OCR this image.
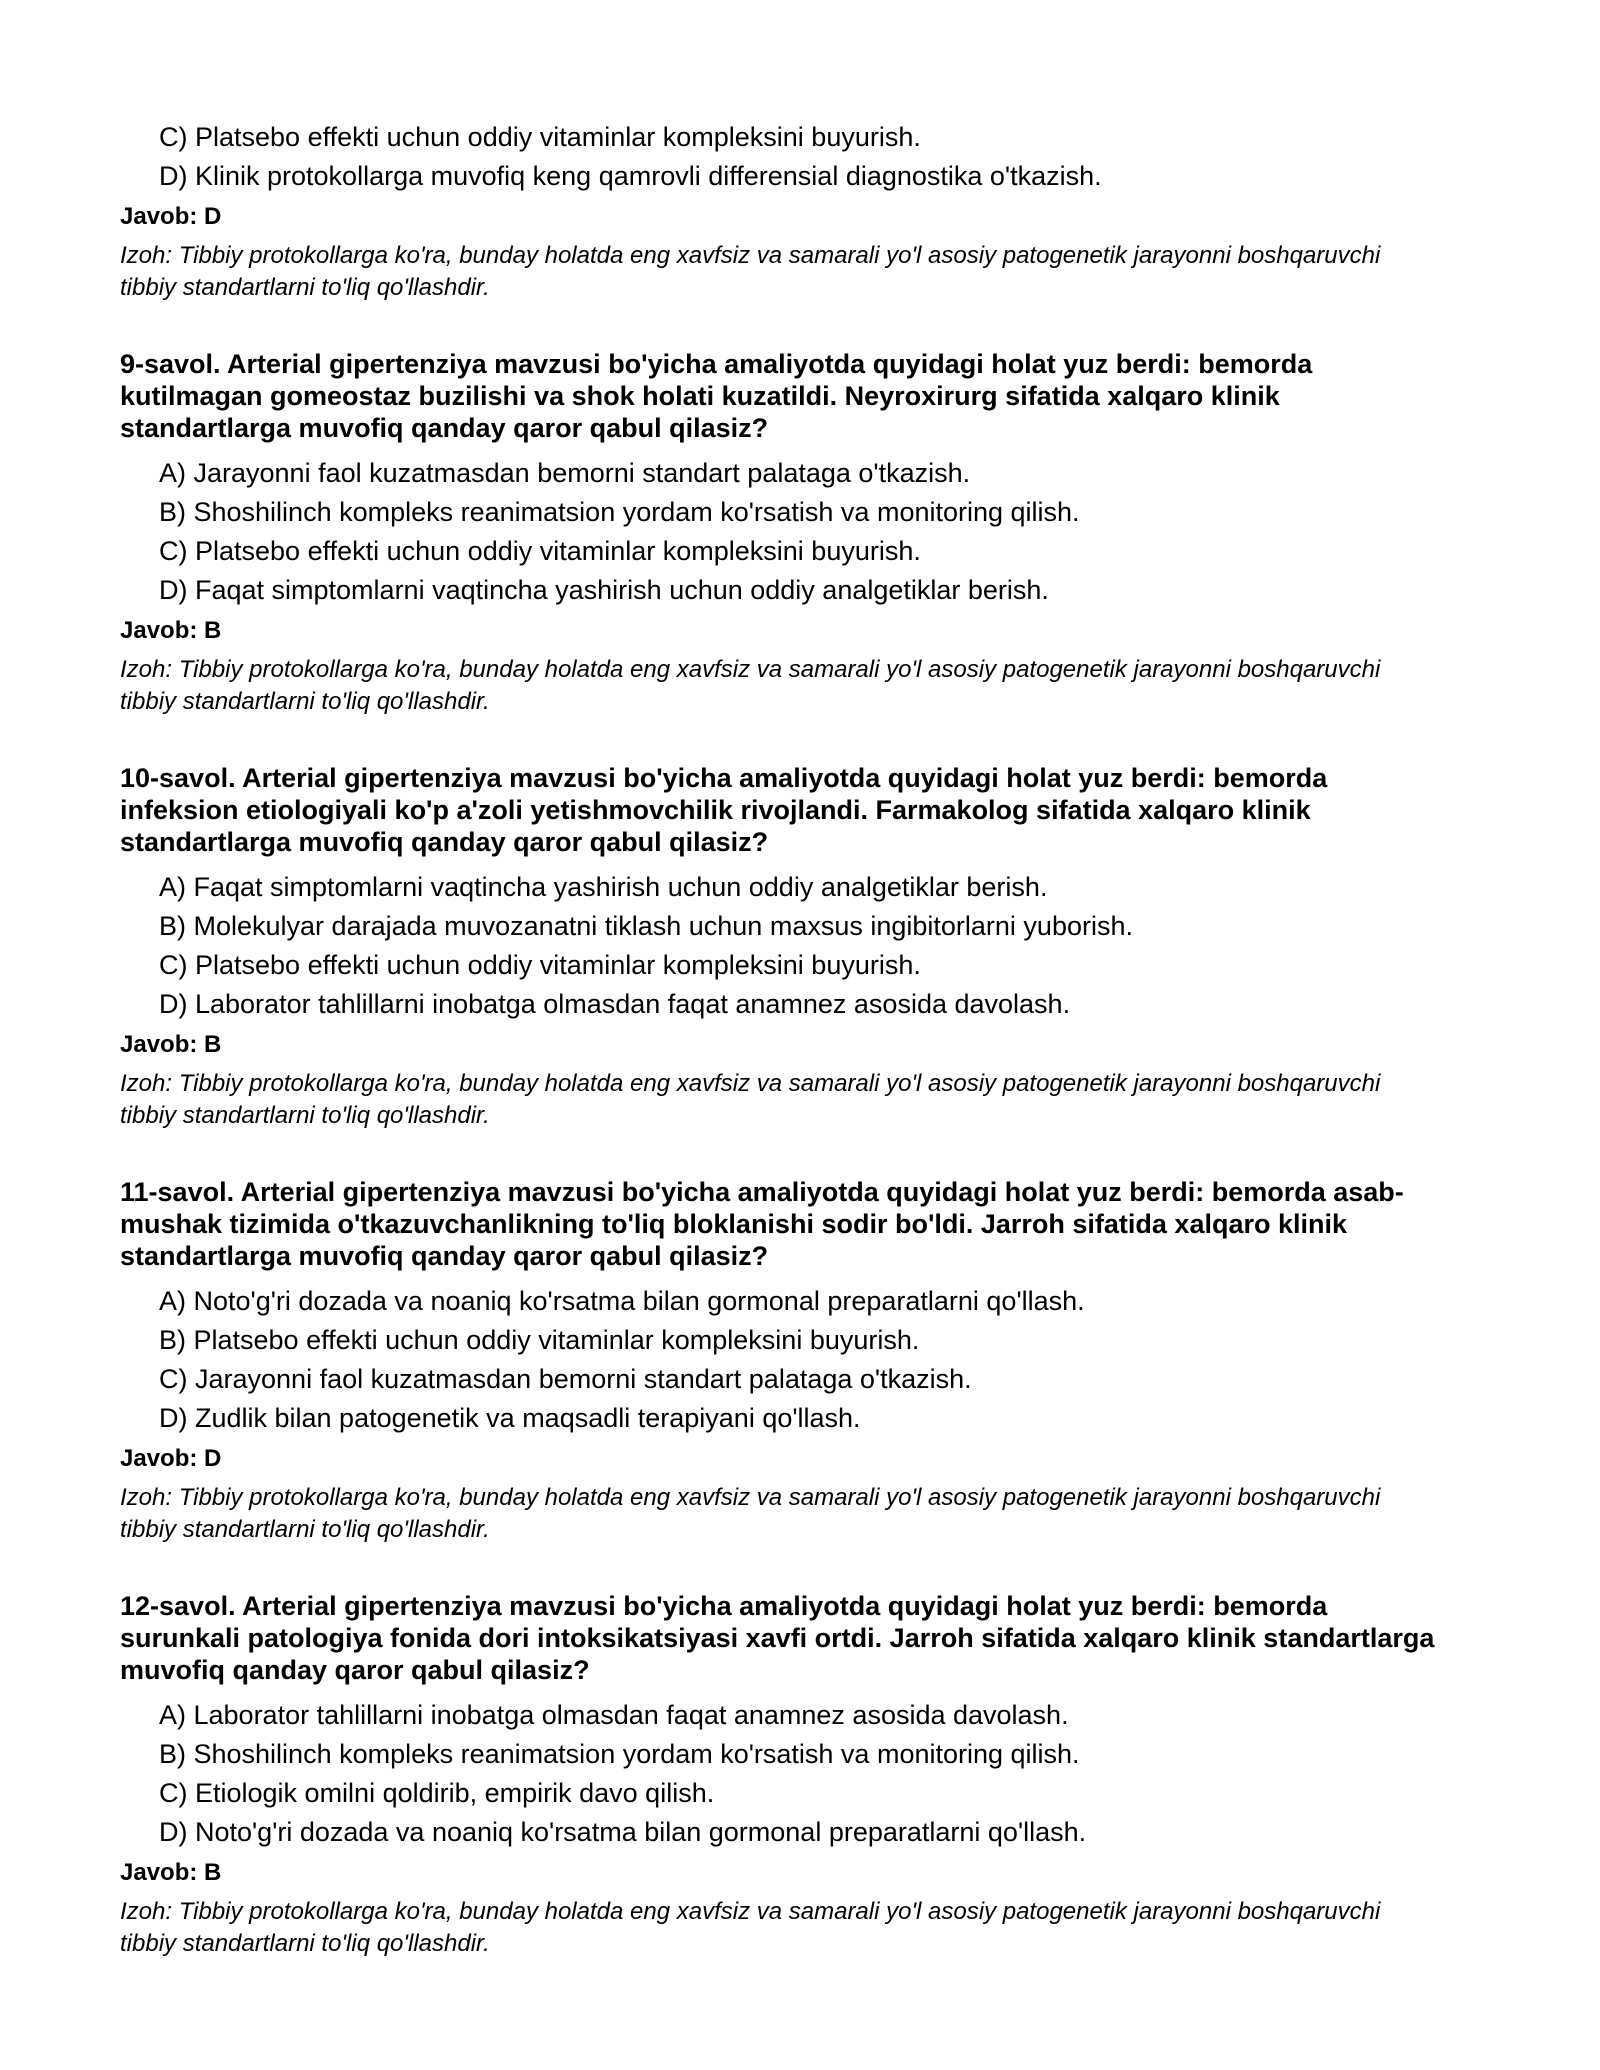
C) Platsebo effekti uchun oddiy vitaminlar kompleksini buyurish.
D) Klinik protokollarga muvofiq keng qamrovli differensial diagnostika o'tkazish.
Javob: D
Izoh: Tibbiy protokollarga ko'ra, bunday holatda eng xavfsiz va samarali yo'l asosiy patogenetik jarayonni boshqaruvchi tibbiy standartlarni to'liq qo'llashdir.
9-savol. Arterial gipertenziya mavzusi bo'yicha amaliyotda quyidagi holat yuz berdi: bemorda kutilmagan gomeostaz buzilishi va shok holati kuzatildi. Neyroxirurg sifatida xalqaro klinik standartlarga muvofiq qanday qaror qabul qilasiz?
A) Jarayonni faol kuzatmasdan bemorni standart palataga o'tkazish.
B) Shoshilinch kompleks reanimatsion yordam ko'rsatish va monitoring qilish.
C) Platsebo effekti uchun oddiy vitaminlar kompleksini buyurish.
D) Faqat simptomlarni vaqtincha yashirish uchun oddiy analgetiklar berish.
Javob: B
Izoh: Tibbiy protokollarga ko'ra, bunday holatda eng xavfsiz va samarali yo'l asosiy patogenetik jarayonni boshqaruvchi tibbiy standartlarni to'liq qo'llashdir.
10-savol. Arterial gipertenziya mavzusi bo'yicha amaliyotda quyidagi holat yuz berdi: bemorda infeksion etiologiyali ko'p a'zoli yetishmovchilik rivojlandi. Farmakolog sifatida xalqaro klinik standartlarga muvofiq qanday qaror qabul qilasiz?
A) Faqat simptomlarni vaqtincha yashirish uchun oddiy analgetiklar berish.
B) Molekulyar darajada muvozanatni tiklash uchun maxsus ingibitorlarni yuborish.
C) Platsebo effekti uchun oddiy vitaminlar kompleksini buyurish.
D) Laborator tahlillarni inobatga olmasdan faqat anamnez asosida davolash.
Javob: B
Izoh: Tibbiy protokollarga ko'ra, bunday holatda eng xavfsiz va samarali yo'l asosiy patogenetik jarayonni boshqaruvchi tibbiy standartlarni to'liq qo'llashdir.
11-savol. Arterial gipertenziya mavzusi bo'yicha amaliyotda quyidagi holat yuz berdi: bemorda asab-mushak tizimida o'tkazuvchanlikning to'liq bloklanishi sodir bo'ldi. Jarroh sifatida xalqaro klinik standartlarga muvofiq qanday qaror qabul qilasiz?
A) Noto'g'ri dozada va noaniq ko'rsatma bilan gormonal preparatlarni qo'llash.
B) Platsebo effekti uchun oddiy vitaminlar kompleksini buyurish.
C) Jarayonni faol kuzatmasdan bemorni standart palataga o'tkazish.
D) Zudlik bilan patogenetik va maqsadli terapiyani qo'llash.
Javob: D
Izoh: Tibbiy protokollarga ko'ra, bunday holatda eng xavfsiz va samarali yo'l asosiy patogenetik jarayonni boshqaruvchi tibbiy standartlarni to'liq qo'llashdir.
12-savol. Arterial gipertenziya mavzusi bo'yicha amaliyotda quyidagi holat yuz berdi: bemorda surunkali patologiya fonida dori intoksikatsiyasi xavfi ortdi. Jarroh sifatida xalqaro klinik standartlarga muvofiq qanday qaror qabul qilasiz?
A) Laborator tahlillarni inobatga olmasdan faqat anamnez asosida davolash.
B) Shoshilinch kompleks reanimatsion yordam ko'rsatish va monitoring qilish.
C) Etiologik omilni qoldirib, empirik davo qilish.
D) Noto'g'ri dozada va noaniq ko'rsatma bilan gormonal preparatlarni qo'llash.
Javob: B
Izoh: Tibbiy protokollarga ko'ra, bunday holatda eng xavfsiz va samarali yo'l asosiy patogenetik jarayonni boshqaruvchi tibbiy standartlarni to'liq qo'llashdir.
